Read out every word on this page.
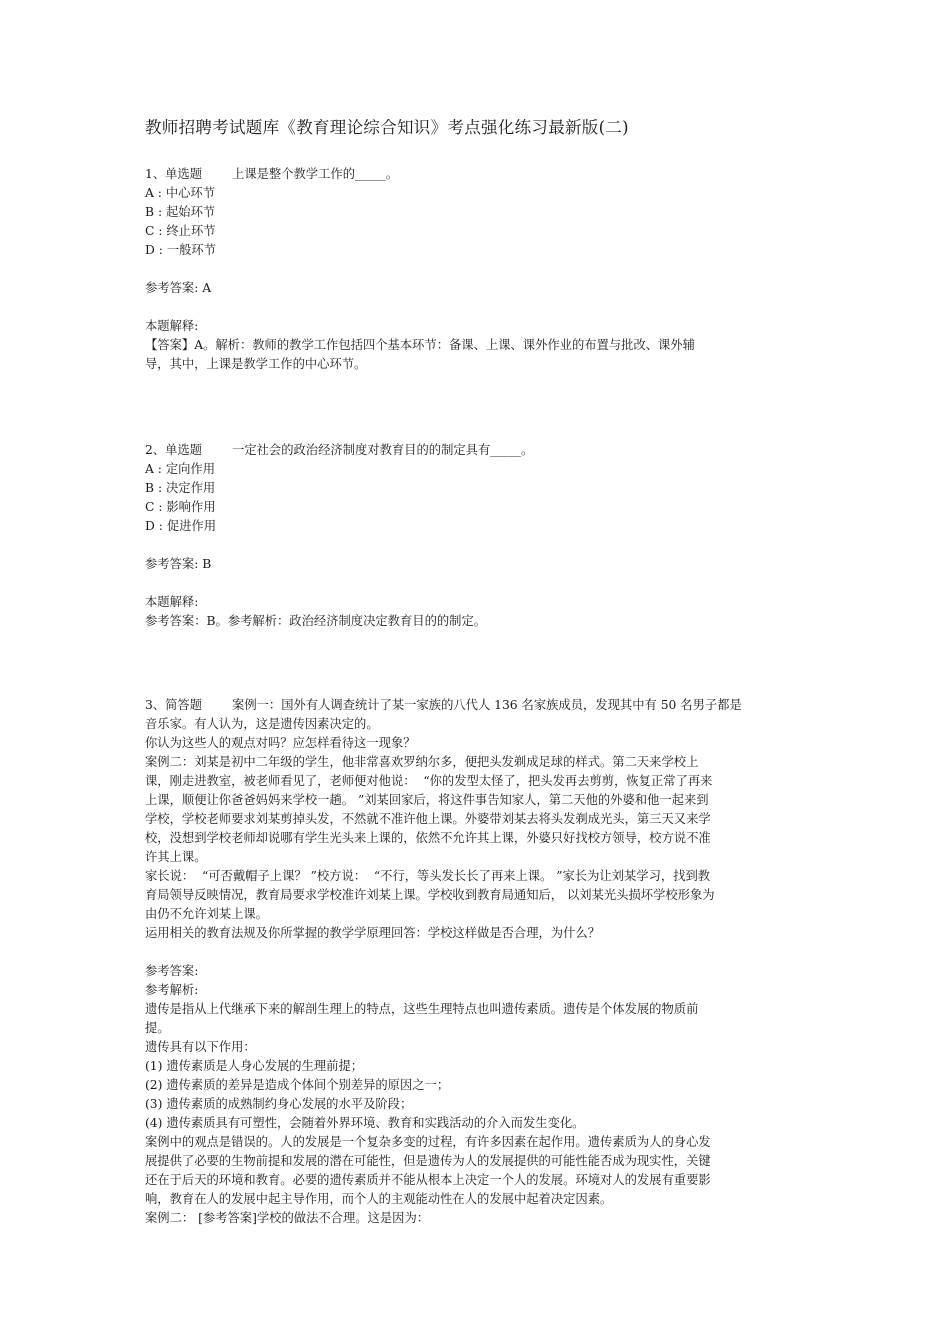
教师招聘考试题库《教育理论综合知识》考点强化练习最新版(二)
1、单选题 上课是整个教学工作的_____。
A : 中心环节
B : 起始环节
C : 终止环节
D : 一般环节
参考答案: A
本题解释:
【答案】A。解析：教师的教学工作包括四个基本环节：备课、上课、课外作业的布置与批改、课外辅
导，其中，上课是教学工作的中心环节。
2、单选题 一定社会的政治经济制度对教育目的的制定具有_____。
A : 定向作用
B : 决定作用
C : 影响作用
D : 促进作用
参考答案: B
本题解释:
参考答案：B。参考解析：政治经济制度决定教育目的的制定。
3、简答题 案例一：国外有人调查统计了某一家族的八代人 136 名家族成员，发现其中有 50 名男子都是
音乐家。有人认为，这是遗传因素决定的。
你认为这些人的观点对吗？应怎样看待这一现象？
案例二：刘某是初中二年级的学生，他非常喜欢罗纳尔多，便把头发剃成足球的样式。第二天来学校上
课，刚走进教室，被老师看见了，老师便对他说：  “你的发型太怪了，把头发再去剪剪，恢复正常了再来
上课，顺便让你爸爸妈妈来学校一趟。 ”刘某回家后，将这件事告知家人，第二天他的外婆和他一起来到
学校，学校老师要求刘某剪掉头发，不然就不准许他上课。外婆带刘某去将头发剃成光头，第三天又来学
校，没想到学校老师却说哪有学生光头来上课的，依然不允许其上课，外婆只好找校方领导，校方说不准
许其上课。
家长说：  “可否戴帽子上课？ ”校方说：  “不行，等头发长长了再来上课。 ”家长为让刘某学习，找到教
育局领导反映情况，教育局要求学校准许刘某上课。学校收到教育局通知后， 以刘某光头损坏学校形象为
由仍不允许刘某上课。
运用相关的教育法规及你所掌握的教学学原理回答：学校这样做是否合理，为什么？
参考答案:
参考解析:
遗传是指从上代继承下来的解剖生理上的特点，这些生理特点也叫遗传素质。遗传是个体发展的物质前
提。
遗传具有以下作用：
(1) 遗传素质是人身心发展的生理前提；
(2) 遗传素质的差异是造成个体间个别差异的原因之一；
(3) 遗传素质的成熟制约身心发展的水平及阶段；
(4) 遗传素质具有可塑性，会随着外界环境、教育和实践活动的介入而发生变化。
案例中的观点是错误的。人的发展是一个复杂多变的过程，有许多因素在起作用。遗传素质为人的身心发
展提供了必要的生物前提和发展的潜在可能性，但是遗传为人的发展提供的可能性能否成为现实性，关键
还在于后天的环境和教育。必要的遗传素质并不能从根本上决定一个人的发展。环境对人的发展有重要影
响，教育在人的发展中起主导作用，而个人的主观能动性在人的发展中起着决定因素。
案例二： [参考答案]学校的做法不合理。这是因为：
